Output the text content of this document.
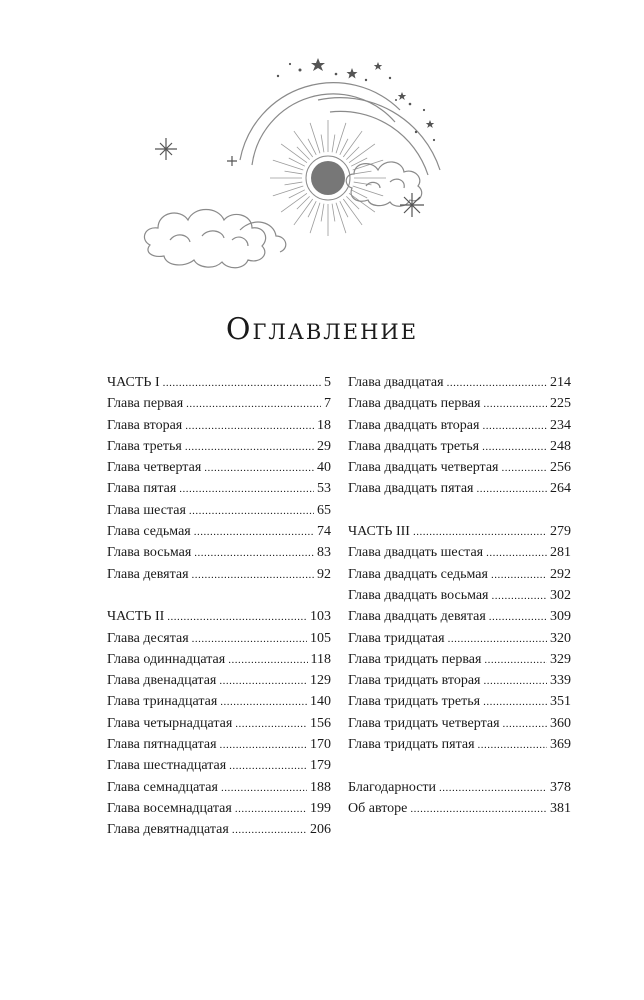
Оглавление
ЧАСТЬ I .....	5
Глава первая .....	7
Глава вторая .....	18
Глава третья .....	29
Глава четвертая .....	40
Глава пятая .....	53
Глава шестая .....	65
Глава седьмая .....	74
Глава восьмая .....	83
Глава девятая .....	92
ЧАСТЬ II .....	103
Глава десятая .....	105
Глава одиннадцатая .....	118
Глава двенадцатая .....	129
Глава тринадцатая .....	140
Глава четырнадцатая .....	156
Глава пятнадцатая .....	170
Глава шестнадцатая .....	179
Глава семнадцатая .....	188
Глава восемнадцатая .....	199
Глава девятнадцатая .....	206
Глава двадцатая .....	214
Глава двадцать первая .....	225
Глава двадцать вторая .....	234
Глава двадцать третья .....	248
Глава двадцать четвертая .....	256
Глава двадцать пятая .....	264
ЧАСТЬ III .....	279
Глава двадцать шестая .....	281
Глава двадцать седьмая .....	292
Глава двадцать восьмая .....	302
Глава двадцать девятая .....	309
Глава тридцатая .....	320
Глава тридцать первая .....	329
Глава тридцать вторая .....	339
Глава тридцать третья .....	351
Глава тридцать четвертая .....	360
Глава тридцать пятая .....	369
Благодарности .....	378
Об авторе .....	381
